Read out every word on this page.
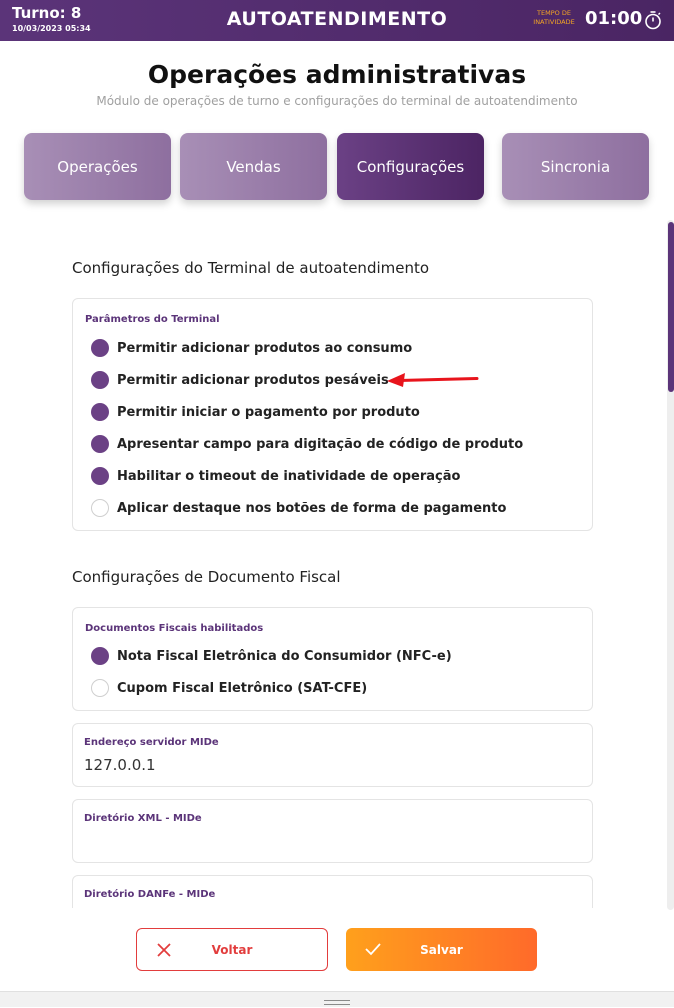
Turno: 8
10/03/2023 05:34	AUTOATENDIMENTO	TEMPO DE
INATIVIDADE 01:00
Operações administrativas
Módulo de operações de turno e configurações do terminal de autoatendimento
Operações	Vendas	Configurações	Sincronia
Configurações do Terminal de autoatendimento
Parâmetros do Terminal
Permitir adicionar produtos ao consumo
Permitir adicionar produtos pesáveis
Permitir iniciar o pagamento por produto
Apresentar campo para digitação de código de produto
Habilitar o timeout de inatividade de operação
Aplicar destaque nos botões de forma de pagamento
Configurações de Documento Fiscal
Documentos Fiscais habilitados
Nota Fiscal Eletrônica do Consumidor (NFC-e)
Cupom Fiscal Eletrônico (SAT-CFE)
Endereço servidor MIDe
127.0.0.1
Diretório XML - MIDe
Diretório DANFe - MIDe
Voltar	Salvar
